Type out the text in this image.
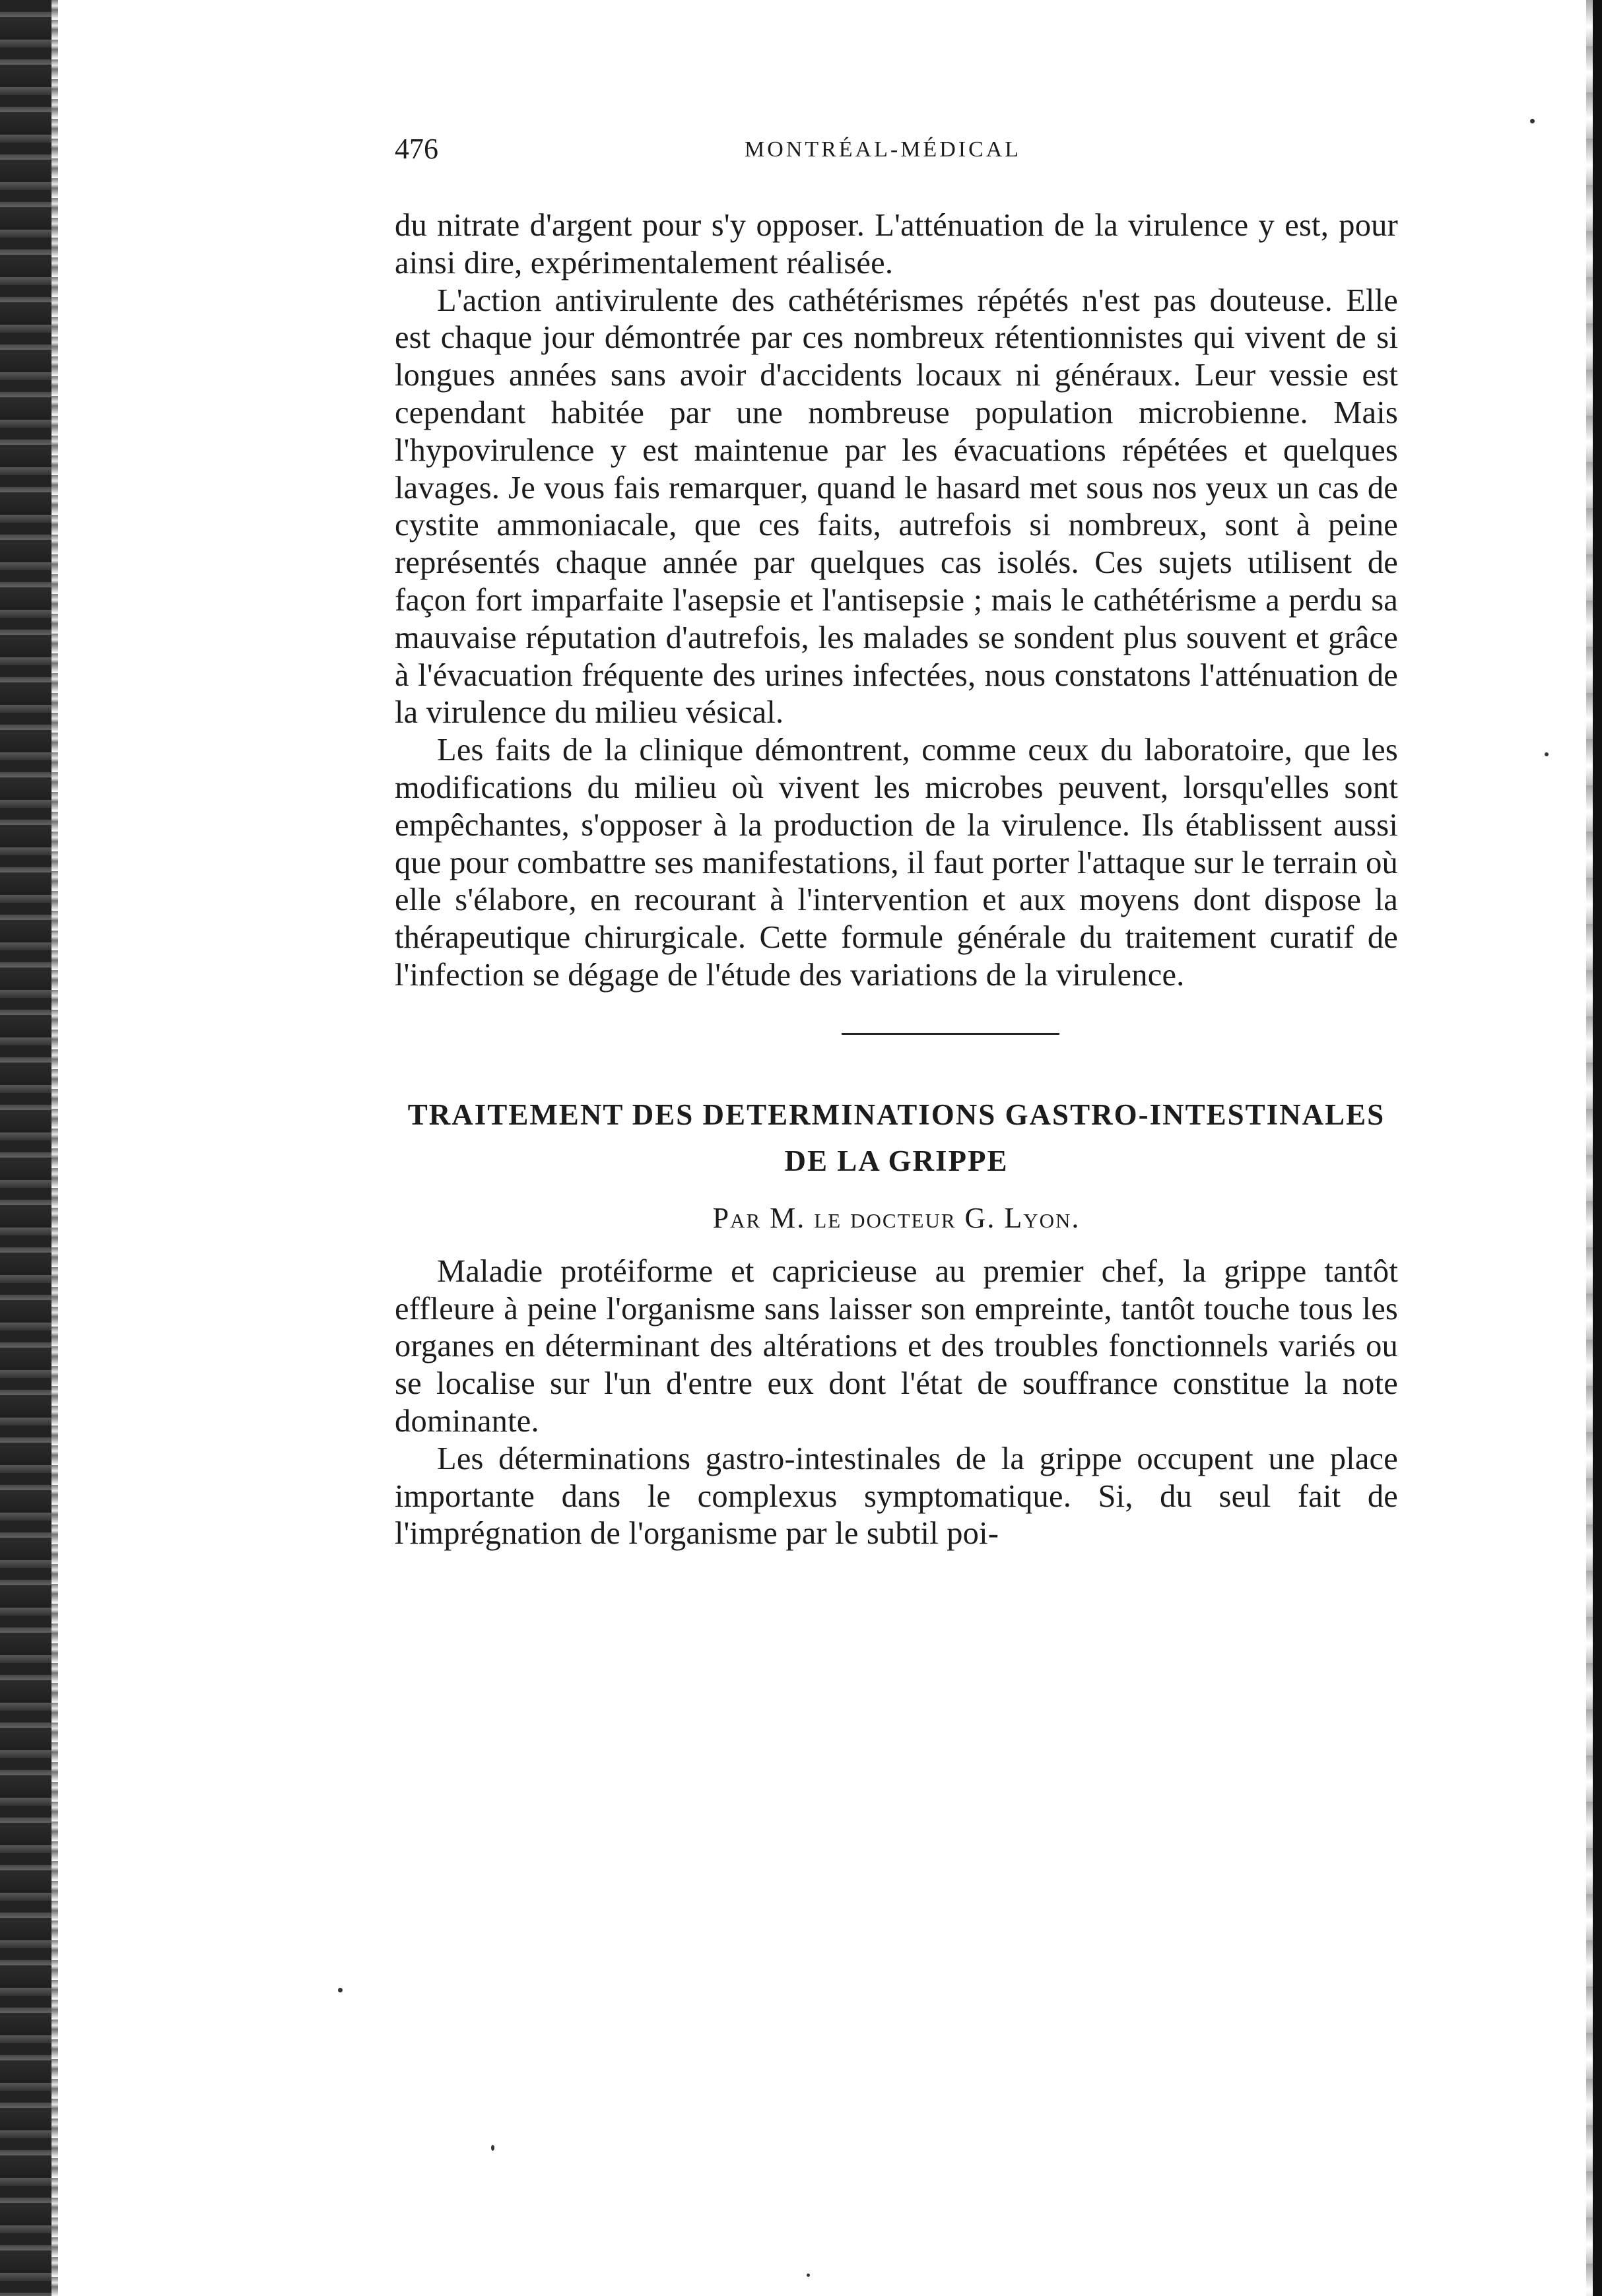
476	MONTRÉAL-MÉDICAL

du nitrate d'argent pour s'y opposer. L'atténuation de la virulence y est, pour ainsi dire, expérimentalement réalisée.

L'action antivirulente des cathétérismes répétés n'est pas douteuse. Elle est chaque jour démontrée par ces nombreux rétentionnistes qui vivent de si longues années sans avoir d'accidents locaux ni généraux. Leur vessie est cependant habitée par une nombreuse population microbienne. Mais l'hypovirulence y est maintenue par les évacuations répétées et quelques lavages. Je vous fais remarquer, quand le hasard met sous nos yeux un cas de cystite ammoniacale, que ces faits, autrefois si nombreux, sont à peine représentés chaque année par quelques cas isolés. Ces sujets utilisent de façon fort imparfaite l'asepsie et l'antisepsie ; mais le cathétérisme a perdu sa mauvaise réputation d'autrefois, les malades se sondent plus souvent et grâce à l'évacuation fréquente des urines infectées, nous constatons l'atténuation de la virulence du milieu vésical.

Les faits de la clinique démontrent, comme ceux du laboratoire, que les modifications du milieu où vivent les microbes peuvent, lorsqu'elles sont empêchantes, s'opposer à la production de la virulence. Ils établissent aussi que pour combattre ses manifestations, il faut porter l'attaque sur le terrain où elle s'élabore, en recourant à l'intervention et aux moyens dont dispose la thérapeutique chirurgicale. Cette formule générale du traitement curatif de l'infection se dégage de l'étude des variations de la virulence.

TRAITEMENT DES DETERMINATIONS GASTRO-INTESTINALES DE LA GRIPPE
Par M. le docteur G. Lyon.

Maladie protéiforme et capricieuse au premier chef, la grippe tantôt effleure à peine l'organisme sans laisser son empreinte, tantôt touche tous les organes en déterminant des altérations et des troubles fonctionnels variés ou se localise sur l'un d'entre eux dont l'état de souffrance constitue la note dominante.

Les déterminations gastro-intestinales de la grippe occupent une place importante dans le complexus symptomatique. Si, du seul fait de l'imprégnation de l'organisme par le subtil poi-
